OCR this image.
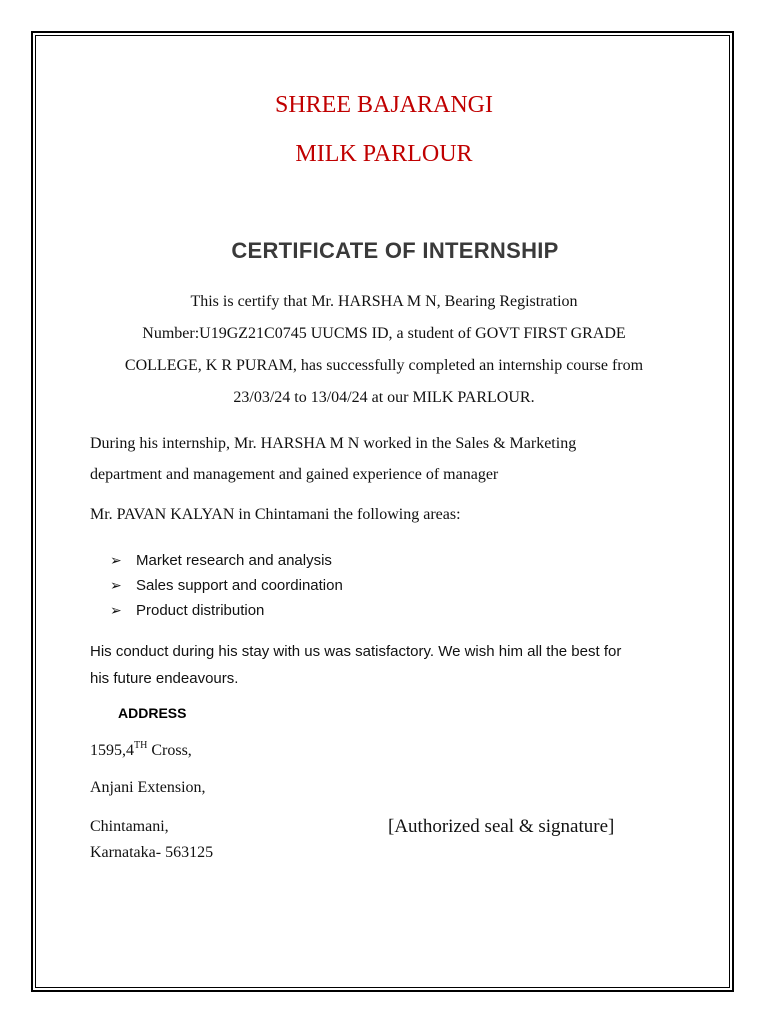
SHREE BAJARANGI
MILK PARLOUR
CERTIFICATE OF INTERNSHIP
This is certify that Mr. HARSHA M N, Bearing Registration
Number:U19GZ21C0745 UUCMS ID, a student of GOVT FIRST GRADE
COLLEGE, K R PURAM, has successfully completed an internship course from
23/03/24 to 13/04/24 at our MILK PARLOUR.
During his internship, Mr. HARSHA M N worked in the Sales & Marketing
department and management and gained experience of manager
Mr. PAVAN KALYAN in Chintamani the following areas:
➢ Market research and analysis
➢ Sales support and coordination
➢ Product distribution
His conduct during his stay with us was satisfactory. We wish him all the best for
his future endeavours.
ADDRESS
1595,4TH Cross,
Anjani Extension,
Chintamani,
Karnataka- 563125
[Authorized seal & signature]
